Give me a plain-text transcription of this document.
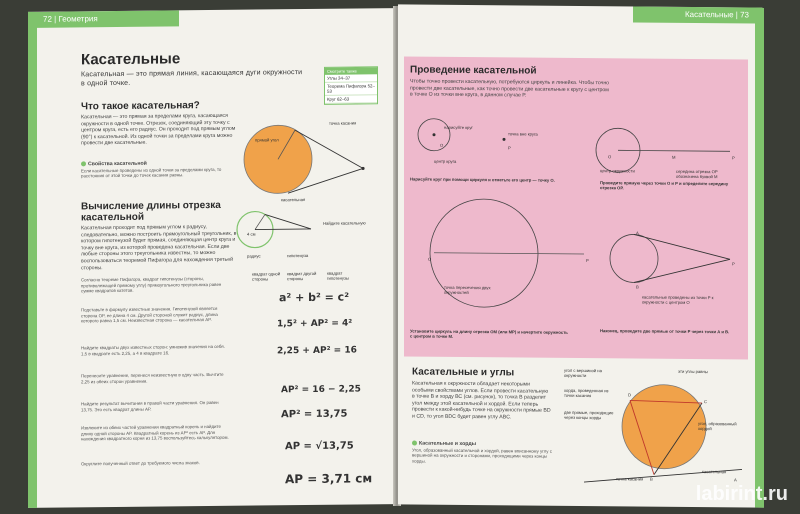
72 | Геометрия
Касательные
Касательная — это прямая линия, касающаяся дуги окружности в одной точке.
Смотрите также
Углы 34–37
Теорема Пифагора 52–53
Круг 62–63
Что такое касательная?
Касательная — это прямая за пределами круга, касающаяся окружности в одной точке. Отрезок, соединяющий эту точку с центром круга, есть его радиус. Он проходит под прямым углом (90°) к касательной. Из одной точки за пределами круга можно провести две касательные.
точка касания
прямой угол
касательная
Свойства касательной
Если касательные проведены из одной точки за пределами круга, то расстояния от этой точки до точек касания равны.
Вычисление длины отрезка касательной
Касательная проходит под прямым углом к радиусу, следовательно, можно построить прямоугольный треугольник, в котором гипотенузой будет прямая, соединяющая центр круга и точку вне круга, из которой проведена касательная. Если две любые стороны этого треугольника известны, то можно воспользоваться теоремой Пифагора для нахождения третьей стороны.
4 см
радиус	гипотенуза
Найдите касательную
Согласно теореме Пифагора, квадрат гипотенузы (стороны, противолежащей прямому углу) прямоугольного треугольника равен сумме квадратов катетов.
Подставьте в формулу известные значения. Гипотенузой является сторона OP, ее длина 4 см. Другой стороной служит радиус, длина которого равна 1,5 см. Неизвестная сторона — касательная AP.
Найдите квадраты двух известных сторон: умножив значения на себя. 1,5 в квадрате есть 2,25, а 4 в квадрате 16.
Перенесите уравнение, перенеся неизвестную в одну часть. Вычтите 2,25 из обеих сторон уравнения.
Найдите результат вычитания в правой части уравнения. Он равен 13,75. Это есть квадрат длины AP.
Извлеките из обеих частей уравнения квадратный корень и найдите длину одной стороны AP. Квадратный корень из AP² есть AP. Для нахождения квадратного корня из 13,75 воспользуйтесь калькулятором.
Округлите полученный ответ до требуемого числа знаков.
квадрат одной стороны
квадрат другой стороны
квадрат гипотенузы
a² + b² = c²
1,5² + AP² = 4²
2,25 + AP² = 16
AP² = 16 − 2,25
AP² = 13,75
AP = √13,75
AP = 3,71 см
Касательные | 73
Проведение касательной
Чтобы точно провести касательную, потребуются циркуль и линейка. Чтобы точно провести две касательные, как точно провести две касательные к кругу с центром в точке О из точки вне круга, в данном случае Р.
O
P
O	P
M
O	P
P
A
B
нарисуйте круг
центр круга
точка вне круга
центр окружности	середина отрезка ОР обозначена буквой М
точка пересечения двух окружностей
касательные проведены из точки Р к окружности с центром О
Нарисуйте круг при помощи циркуля и отметьте его центр — точку О.
Проведите прямую через точки О и Р и определите середину отрезка ОР.
Установите циркуль на длину отрезка ОМ (или МР) и начертите окружность с центром в точке М.
Наконец, проведите две прямые от точки Р через точки А и В.
Касательные и углы
Касательная к окружности обладает некоторыми особыми свойствами углов. Если провести касательную в точке В и хорду ВС (см. рисунок), то точка В разделит угол между этой касательной и хордой. Если теперь провести к какой-нибудь точке на окружности прямые BD и CD, то угол BDC будет равен углу ABC.
Касательные и хорды
Угол, образованный касательной и хордой, равен вписанному углу с вершиной на окружности и сторонами, проходящими через концы хорды.
D
C
B	A
угол с вершиной на окружности
хорда, проведенная из точки касания
эти углы равны
две прямые, проходящие через концы хорды
угол, образованный хордой
касательная
точка касания
labirint.ru
